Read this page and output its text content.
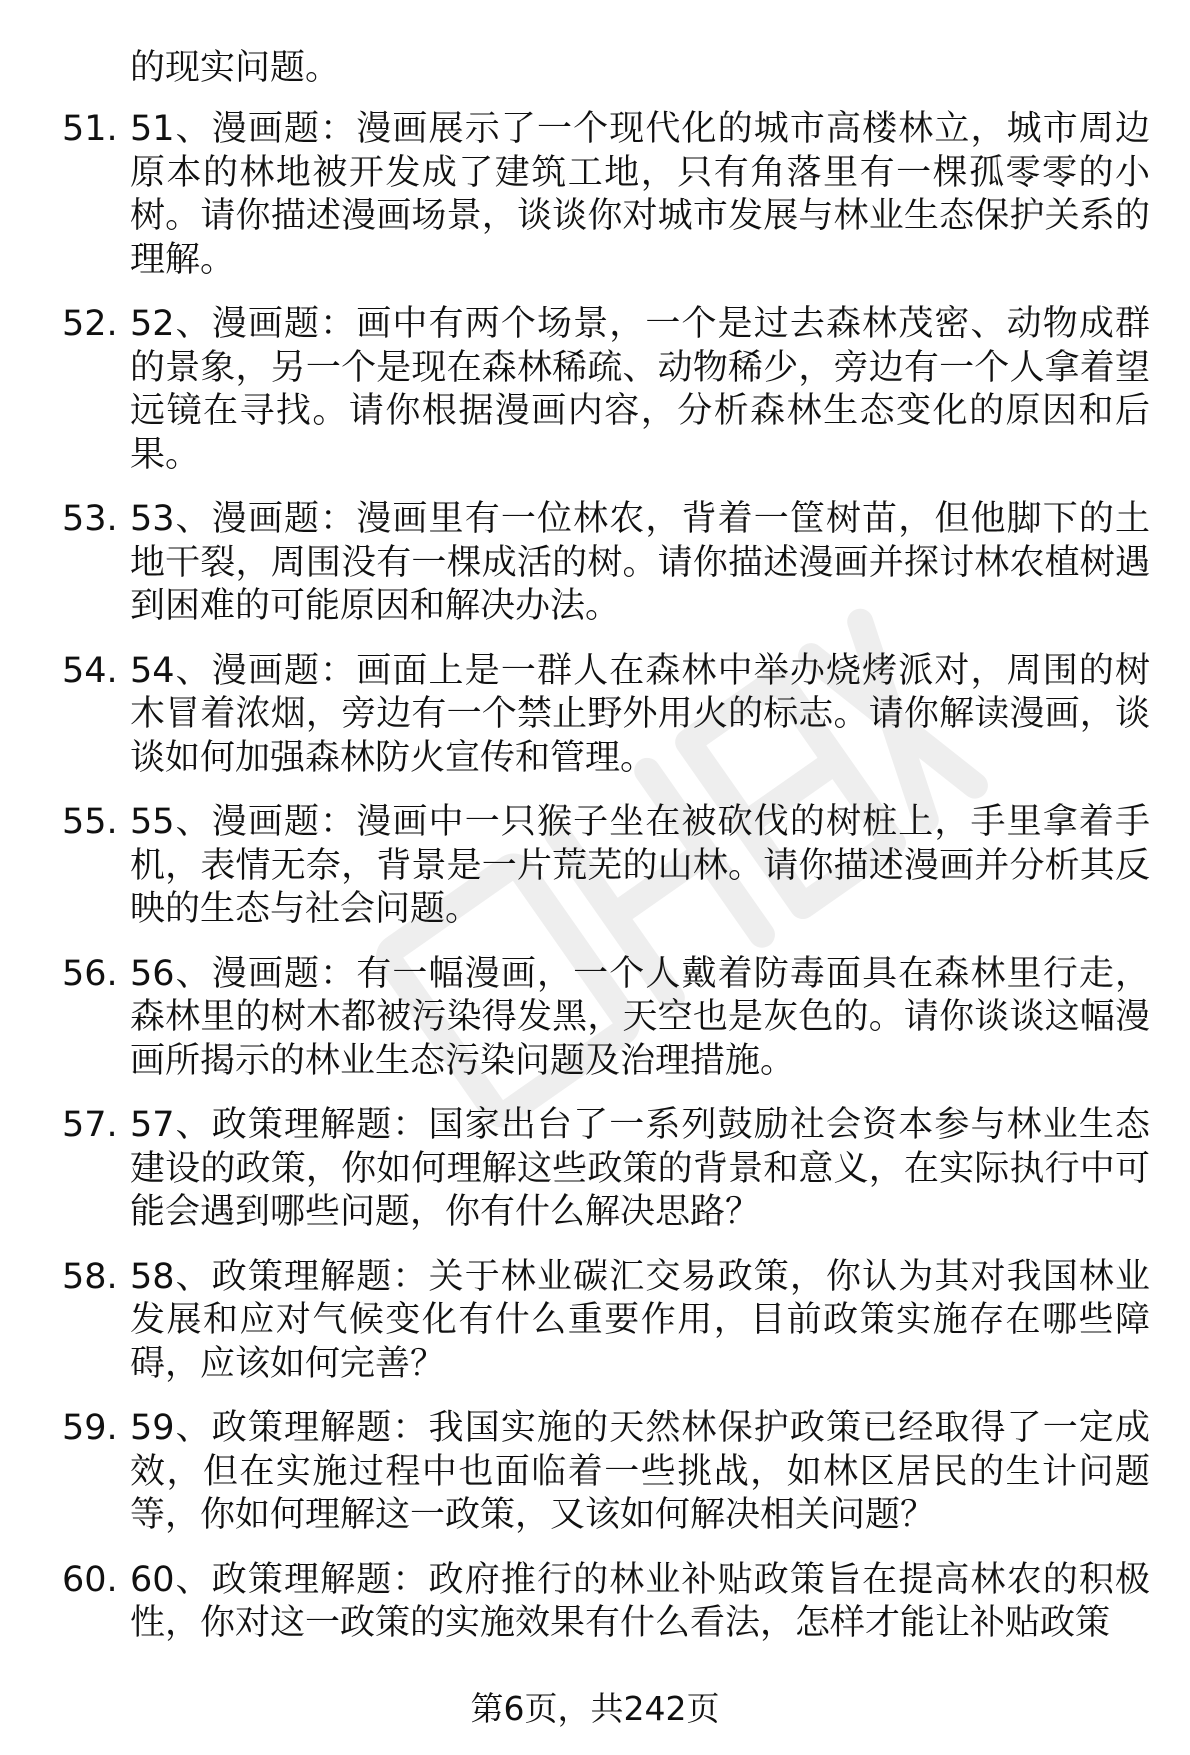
的现实问题。
51. 51、漫画题：漫画展示了一个现代化的城市高楼林立，城市周边原本的林地被开发成了建筑工地，只有角落里有一棵孤零零的小树。请你描述漫画场景，谈谈你对城市发展与林业生态保护关系的理解。
52. 52、漫画题：画中有两个场景，一个是过去森林茂密、动物成群的景象，另一个是现在森林稀疏、动物稀少，旁边有一个人拿着望远镜在寻找。请你根据漫画内容，分析森林生态变化的原因和后果。
53. 53、漫画题：漫画里有一位林农，背着一筐树苗，但他脚下的土地干裂，周围没有一棵成活的树。请你描述漫画并探讨林农植树遇到困难的可能原因和解决办法。
54. 54、漫画题：画面上是一群人在森林中举办烧烤派对，周围的树木冒着浓烟，旁边有一个禁止野外用火的标志。请你解读漫画，谈谈如何加强森林防火宣传和管理。
55. 55、漫画题：漫画中一只猴子坐在被砍伐的树桩上，手里拿着手机，表情无奈，背景是一片荒芜的山林。请你描述漫画并分析其反映的生态与社会问题。
56. 56、漫画题：有一幅漫画，一个人戴着防毒面具在森林里行走，森林里的树木都被污染得发黑，天空也是灰色的。请你谈谈这幅漫画所揭示的林业生态污染问题及治理措施。
57. 57、政策理解题：国家出台了一系列鼓励社会资本参与林业生态建设的政策，你如何理解这些政策的背景和意义，在实际执行中可能会遇到哪些问题，你有什么解决思路？
58. 58、政策理解题：关于林业碳汇交易政策，你认为其对我国林业发展和应对气候变化有什么重要作用，目前政策实施存在哪些障碍，应该如何完善？
59. 59、政策理解题：我国实施的天然林保护政策已经取得了一定成效，但在实施过程中也面临着一些挑战，如林区居民的生计问题等，你如何理解这一政策，又该如何解决相关问题？
60. 60、政策理解题：政府推行的林业补贴政策旨在提高林农的积极性，你对这一政策的实施效果有什么看法，怎样才能让补贴政策
第6页，共242页
